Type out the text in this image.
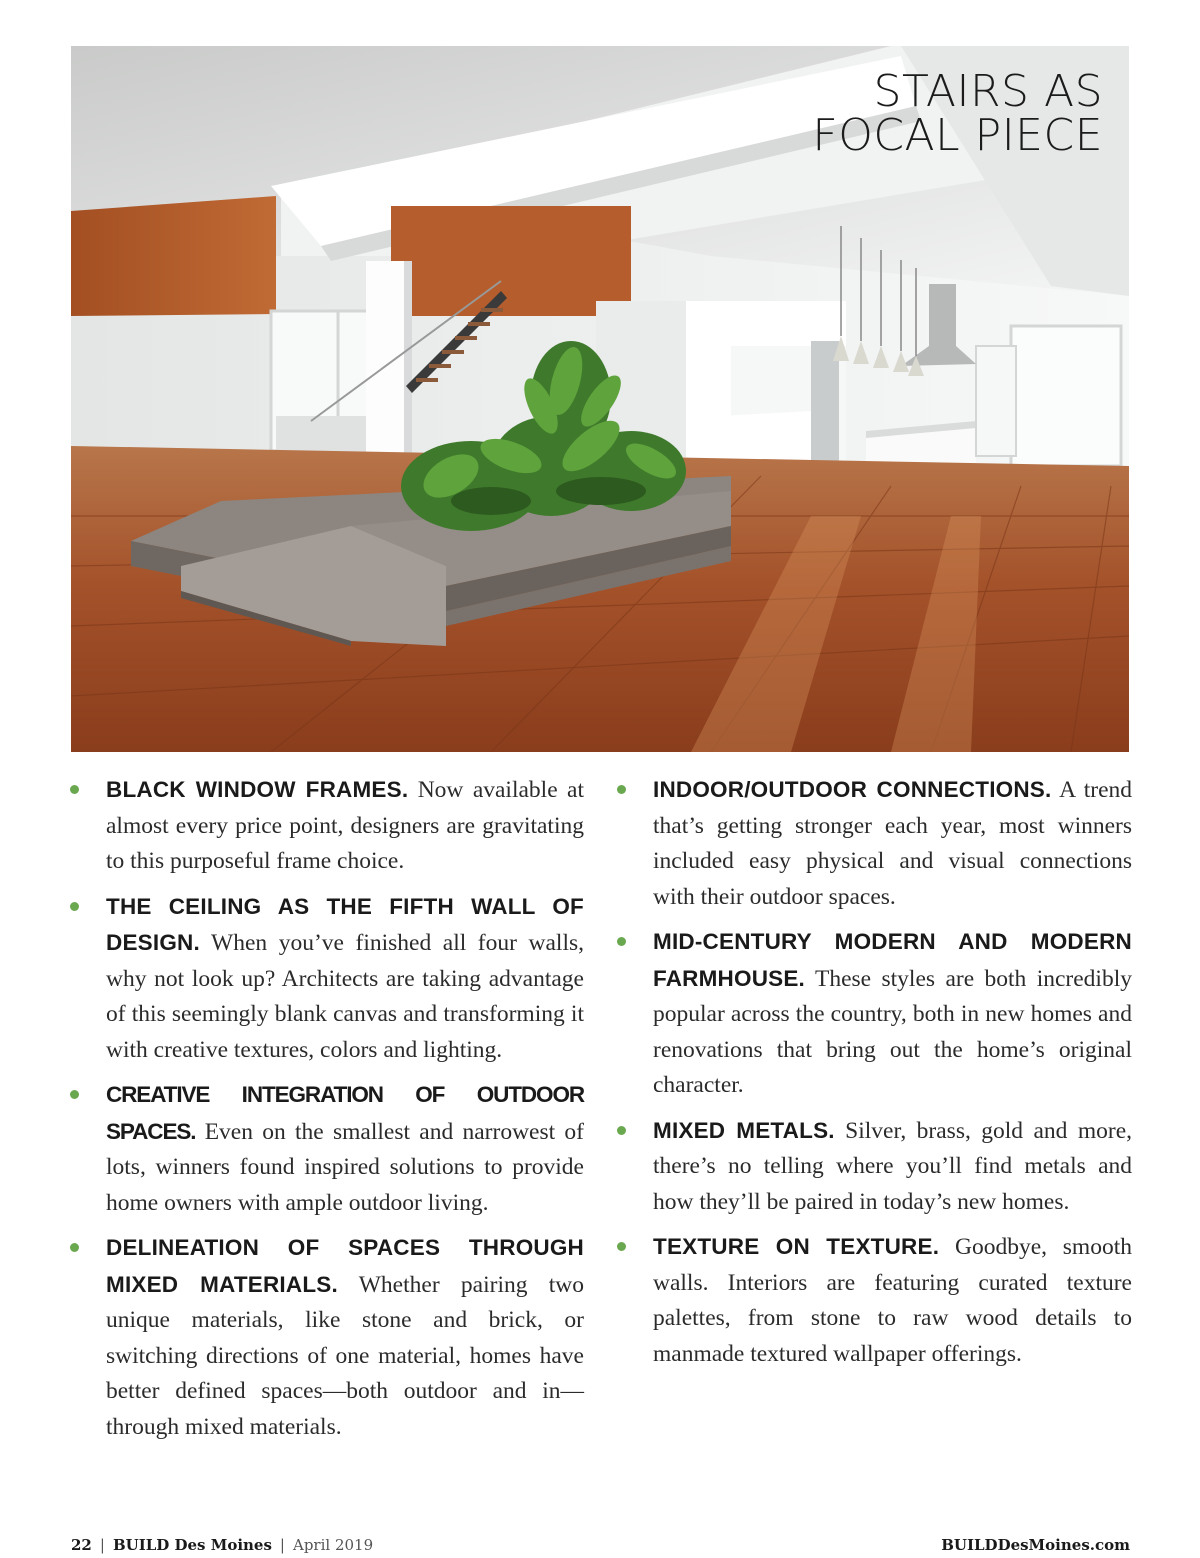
STAIRS AS
FOCAL PIECE
BLACK WINDOW FRAMES. Now available at almost every price point, designers are gravitating to this purposeful frame choice.
THE CEILING AS THE FIFTH WALL OF DESIGN. When you’ve finished all four walls, why not look up? Architects are taking advantage of this seemingly blank canvas and transforming it with creative textures, colors and lighting.
CREATIVE INTEGRATION OF OUTDOOR SPACES. Even on the smallest and narrowest of lots, winners found inspired solutions to provide home owners with ample outdoor living.
DELINEATION OF SPACES THROUGH MIXED MATERIALS. Whether pairing two unique materials, like stone and brick, or switching directions of one material, homes have better defined spaces—both outdoor and in—through mixed materials.
INDOOR/OUTDOOR CONNECTIONS. A trend that’s getting stronger each year, most winners included easy physical and visual connections with their outdoor spaces.
MID-CENTURY MODERN AND MODERN FARMHOUSE. These styles are both incredibly popular across the country, both in new homes and renovations that bring out the home’s original character.
MIXED METALS. Silver, brass, gold and more, there’s no telling where you’ll find metals and how they’ll be paired in today’s new homes.
TEXTURE ON TEXTURE. Goodbye, smooth walls. Interiors are featuring curated texture palettes, from stone to raw wood details to manmade textured wallpaper offerings.
22 | BUILD Des Moines | April 2019	BUILDDesMoines.com
